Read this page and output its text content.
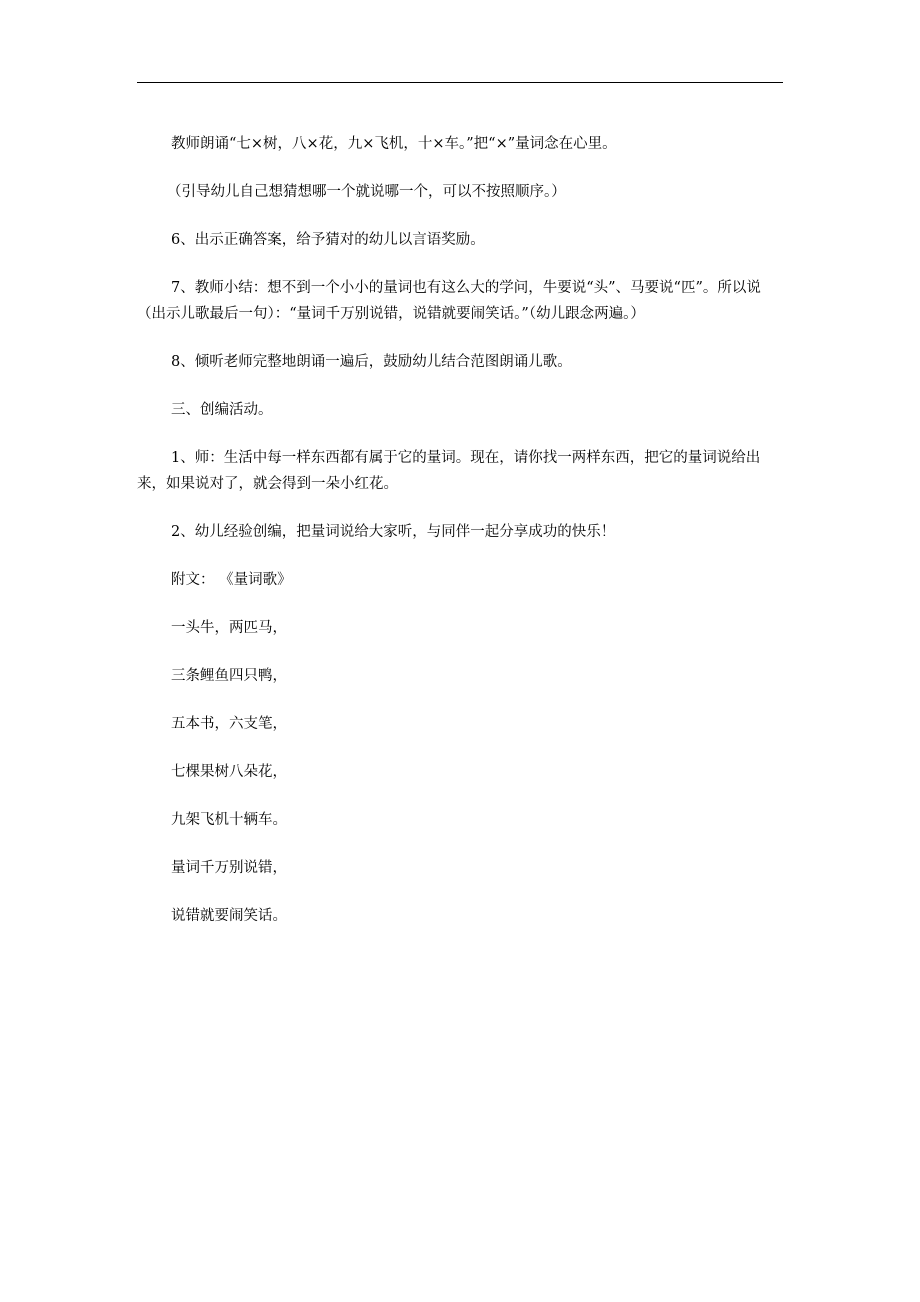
教师朗诵“七×树，八×花，九×飞机，十×车。”把“×”量词念在心里。

（引导幼儿自己想猜想哪一个就说哪一个，可以不按照顺序。）

6、出示正确答案，给予猜对的幼儿以言语奖励。

7、教师小结：想不到一个小小的量词也有这么大的学问，牛要说“头”、马要说“匹”。所以说（出示儿歌最后一句）：“量词千万别说错，说错就要闹笑话。”（幼儿跟念两遍。）

8、倾听老师完整地朗诵一遍后，鼓励幼儿结合范图朗诵儿歌。

三、创编活动。

1、师：生活中每一样东西都有属于它的量词。现在，请你找一两样东西，把它的量词说给出来，如果说对了，就会得到一朵小红花。

2、幼儿经验创编，把量词说给大家听，与同伴一起分享成功的快乐！

附文： 《量词歌》

一头牛，两匹马，

三条鲤鱼四只鸭，

五本书，六支笔，

七棵果树八朵花，

九架飞机十辆车。

量词千万别说错，

说错就要闹笑话。
